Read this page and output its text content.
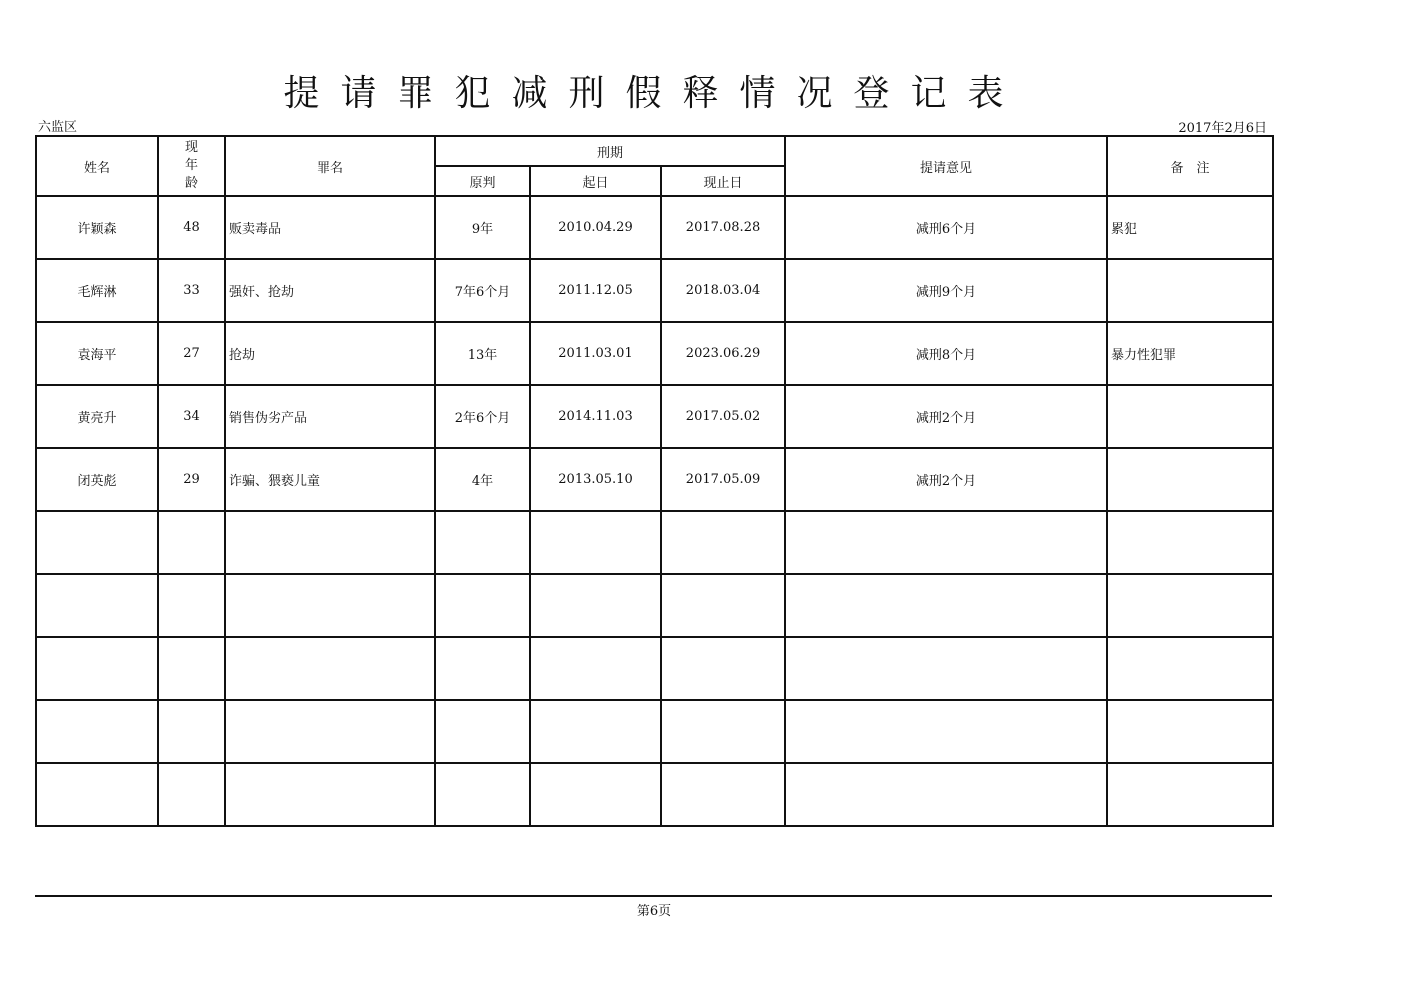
提请罪犯减刑假释情况登记表
六监区	2017年2月6日
姓名	现
年
龄	罪名	刑期			提请意见	备　注
			原判	起日	现止日		
许颖森	48	贩卖毒品	9年	2010.04.29	2017.08.28	减刑6个月	累犯
毛辉淋	33	强奸、抢劫	7年6个月	2011.12.05	2018.03.04	减刑9个月	
袁海平	27	抢劫	13年	2011.03.01	2023.06.29	减刑8个月	暴力性犯罪
黄亮升	34	销售伪劣产品	2年6个月	2014.11.03	2017.05.02	减刑2个月	
闭英彪	29	诈骗、猥亵儿童	4年	2013.05.10	2017.05.09	减刑2个月	

第6页
